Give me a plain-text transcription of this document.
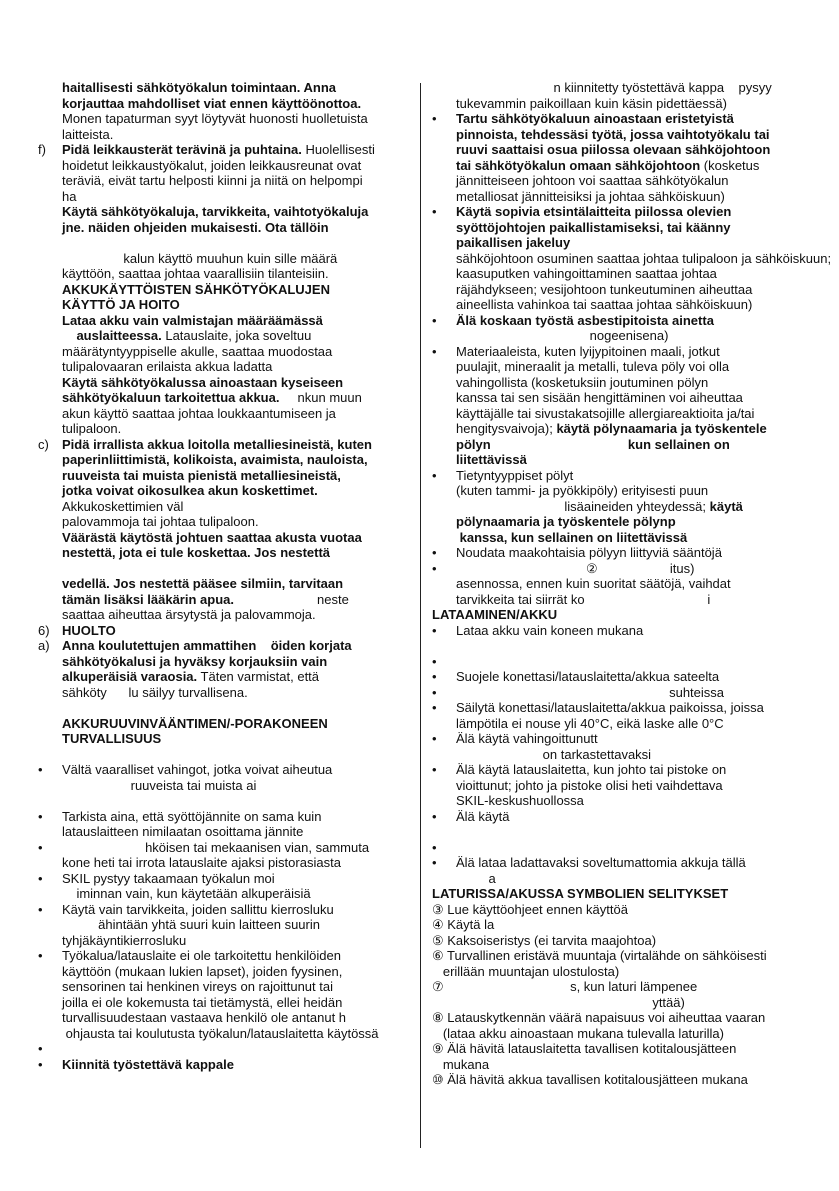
haitallisesti sähkötyökalun toimintaan. Anna
korjauttaa mahdolliset viat ennen käyttöönottoa.
Monen tapaturman syyt löytyvät huonosti huolletuista
laitteista.
f) Pidä leikkausterät terävinä ja puhtaina. Huolellisesti
hoidetut leikkaustyökalut, joiden leikkausreunat ovat
teräviä, eivät tartu helposti kiinni ja niitä on helpompi
ha
Käytä sähkötyökaluja, tarvikkeita, vaihtotyökaluja
jne. näiden ohjeiden mukaisesti. Ota tällöin
kalun käyttö muuhun kuin sille määrä
käyttöön, saattaa johtaa vaarallisiin tilanteisiin.
AKKUKÄYTTÖISTEN SÄHKÖTYÖKALUJEN
KÄYTTÖ JA HOITO
Lataa akku vain valmistajan määräämässä
auslaitteessa. Latauslaite, joka soveltuu
määrätyntyyppiselle akulle, saattaa muodostaa
tulipalovaaran erilaista akkua ladatta
Käytä sähkötyökalussa ainoastaan kyseiseen
sähkötyökaluun tarkoitettua akkua.     nkun muun
akun käyttö saattaa johtaa loukkaantumiseen ja
tulipaloon.
c) Pidä irrallista akkua loitolla metalliesineistä, kuten
paperinliittimistä, kolikoista, avaimista, nauloista,
ruuveista tai muista pienistä metalliesineistä,
jotka voivat oikosulkea akun koskettimet.
Akkukoskettimien väl
palovammoja tai johtaa tulipaloon.
Väärästä käytöstä johtuen saattaa akusta vuotaa
nestettä, jota ei tule koskettaa. Jos nestettä
vedellä. Jos nestettä pääsee silmiin, tarvitaan
tämän lisäksi lääkärin apua.                       neste
saattaa aiheuttaa ärsytystä ja palovammoja.
6) HUOLTO
a) Anna koulutettujen ammattihen    öiden korjata
sähkötyökalusi ja hyväksy korjauksiin vain
alkuperäisiä varaosia. Täten varmistat, että
sähköty      lu säilyy turvallisena.
AKKURUUVINVÄÄNTIMEN/-PORAKONEEN
TURVALLISUUS
• Vältä vaaralliset vahingot, jotka voivat aiheutua
ruuveista tai muista ai
• Tarkista aina, että syöttöjännite on sama kuin
latauslaitteen nimilaatan osoittama jännite
• hköisen tai mekaanisen vian, sammuta
kone heti tai irrota latauslaite ajaksi pistorasiasta
• SKIL pystyy takaamaan työkalun moi
iminnan vain, kun käytetään alkuperäisiä
• Käytä vain tarvikkeita, joiden sallittu kierrosluku
ähintään yhtä suuri kuin laitteen suurin
tyhjäkäyntikierrosluku
• Työkalua/latauslaite ei ole tarkoitettu henkilöiden
käyttöön (mukaan lukien lapset), joiden fyysinen,
sensorinen tai henkinen vireys on rajoittunut tai
joilla ei ole kokemusta tai tietämystä, ellei heidän
turvallisuudestaan vastaava henkilö ole antanut h
ohjausta tai koulutusta työkalun/latauslaitetta käytössä
•
• Kiinnitä työstettävä kappale
n kiinnitetty työstettävä kappa    pysyy
tukevammin paikoillaan kuin käsin pidettäessä)
• Tartu sähkötyökaluun ainoastaan eristetyistä
pinnoista, tehdessäsi työtä, jossa vaihtotyökalu tai
ruuvi saattaisi osua piilossa olevaan sähköjohtoon
tai sähkötyökalun omaan sähköjohtoon (kosketus
jännitteiseen johtoon voi saattaa sähkötyökalun
metalliosat jännitteisiksi ja johtaa sähköiskuun)
• Käytä sopivia etsintälaitteita piilossa olevien
syöttöjohtojen paikallistamiseksi, tai käänny
paikallisen jakeluy
sähköjohtoon osuminen saattaa johtaa tulipaloon ja sähköiskuun;
kaasuputken vahingoittaminen saattaa johtaa
räjähdykseen; vesijohtoon tunkeutuminen aiheuttaa
aineellista vahinkoa tai saattaa johtaa sähköiskuun)
• Älä koskaan työstä asbestipitoista ainetta
nogeenisena)
• Materiaaleista, kuten lyijypitoinen maali, jotkut
puulajit, mineraalit ja metalli, tuleva pöly voi olla
vahingollista (kosketuksiin joutuminen pölyn
kanssa tai sen sisään hengittäminen voi aiheuttaa
käyttäjälle tai sivustakatsojille allergiareaktioita ja/tai
hengitysvaivoja); käytä pölynaamaria ja työskentele
pölyn                                      kun sellainen on
liitettävissä
• Tietyntyyppiset pölyt
(kuten tammi- ja pyökkipöly) erityisesti puun
lisäaineiden yhteydessä; käytä
pölynaamaria ja työskentele pölynp
kanssa, kun sellainen on liitettävissä
• Noudata maakohtaisia pölyyn liittyviä sääntöjä
• ②                    itus)
asennossa, ennen kuin suoritat säätöjä, vaihdat
tarvikkeita tai siirrät ko                                  i
LATAAMINEN/AKKU
• Lataa akku vain koneen mukana
•
• Suojele konettasi/latauslaitetta/akkua sateelta
• suhteissa
• Säilytä konettasi/latauslaitetta/akkua paikoissa, joissa
lämpötila ei nouse yli 40°C, eikä laske alle 0°C
• Älä käytä vahingoittunutt
on tarkastettavaksi
• Älä käytä latauslaitetta, kun johto tai pistoke on
vioittunut; johto ja pistoke olisi heti vaihdettava
SKIL-keskushuollossa
• Älä käytä
•
• Älä lataa ladattavaksi soveltumattomia akkuja tällä
a
LATURISSA/AKUSSA SYMBOLIEN SELITYKSET
③ Lue käyttöohjeet ennen käyttöä
④ Käytä la
⑤ Kaksoiseristys (ei tarvita maajohtoa)
⑥ Turvallinen eristävä muuntaja (virtalähde on sähköisesti
erillään muuntajan ulostulosta)
⑦                                   s, kun laturi lämpenee
yttää)
⑧ Latauskytkennän väärä napaisuus voi aiheuttaa vaaran
(lataa akku ainoastaan mukana tulevalla laturilla)
⑨ Älä hävitä latauslaitetta tavallisen kotitalousjätteen
mukana
⑩ Älä hävitä akkua tavallisen kotitalousjätteen mukana
